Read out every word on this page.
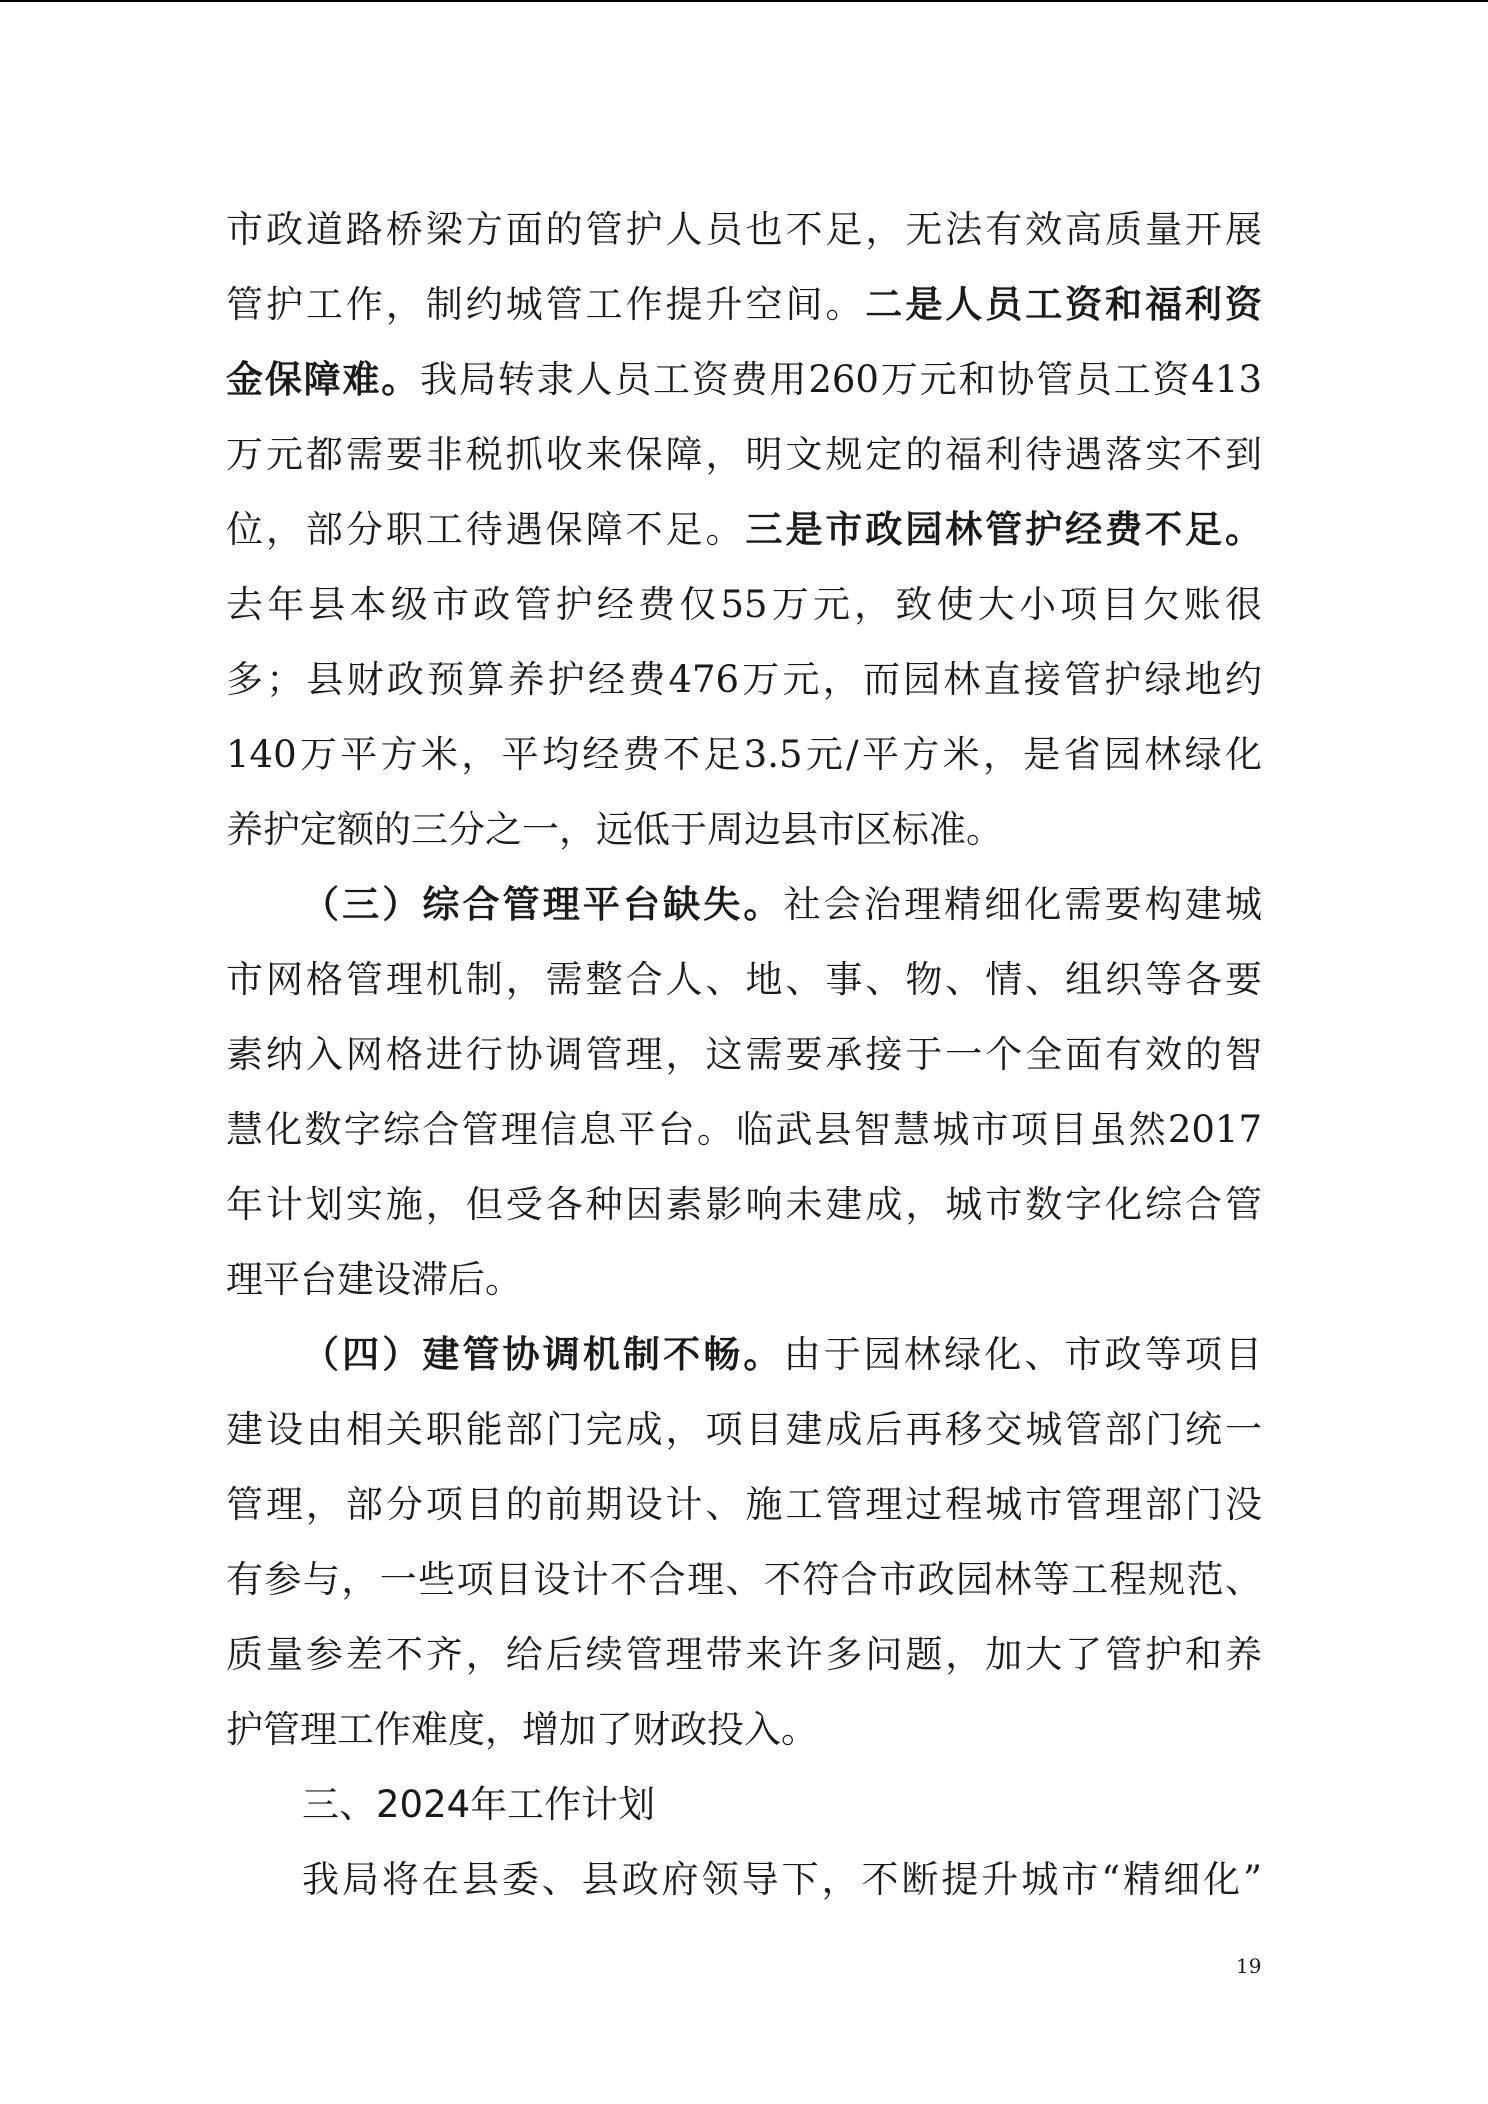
市政道路桥梁方面的管护人员也不足，无法有效高质量开展
管护工作，制约城管工作提升空间。二是人员工资和福利资
金保障难。我局转隶人员工资费用260万元和协管员工资413
万元都需要非税抓收来保障，明文规定的福利待遇落实不到
位，部分职工待遇保障不足。三是市政园林管护经费不足。
去年县本级市政管护经费仅55万元，致使大小项目欠账很
多；县财政预算养护经费476万元，而园林直接管护绿地约
140万平方米，平均经费不足3.5元/平方米，是省园林绿化
养护定额的三分之一，远低于周边县市区标准。
（三）综合管理平台缺失。社会治理精细化需要构建城
市网格管理机制，需整合人、地、事、物、情、组织等各要
素纳入网格进行协调管理，这需要承接于一个全面有效的智
慧化数字综合管理信息平台。临武县智慧城市项目虽然2017
年计划实施，但受各种因素影响未建成，城市数字化综合管
理平台建设滞后。
（四）建管协调机制不畅。由于园林绿化、市政等项目
建设由相关职能部门完成，项目建成后再移交城管部门统一
管理，部分项目的前期设计、施工管理过程城市管理部门没
有参与，一些项目设计不合理、不符合市政园林等工程规范、
质量参差不齐，给后续管理带来许多问题，加大了管护和养
护管理工作难度，增加了财政投入。
三、2024年工作计划
我局将在县委、县政府领导下，不断提升城市“精细化”
19
